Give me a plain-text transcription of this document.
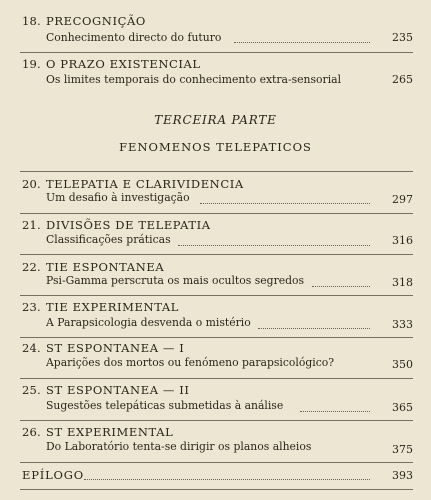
18. PRECOGNIÇÃO
Conhecimento directo do futuro	235
19. O PRAZO EXISTENCIAL
Os limites temporais do conhecimento extra-sensorial	265
TERCEIRA PARTE
FENOMENOS TELEPATICOS
20. TELEPATIA E CLARIVIDENCIA
Um desafio à investigação	297
21. DIVISÕES DE TELEPATIA
Classificações práticas	316
22. TIE ESPONTANEA
Psi-Gamma perscruta os mais ocultos segredos	318
23. TIE EXPERIMENTAL
A Parapsicologia desvenda o mistério	333
24. ST ESPONTANEA — I
Aparições dos mortos ou fenómeno parapsicológico?	350
25. ST ESPONTANEA — II
Sugestões telepáticas submetidas à análise	365
26. ST EXPERIMENTAL
Do Laboratório tenta-se dirigir os planos alheios	375
EPÍLOGO	393
